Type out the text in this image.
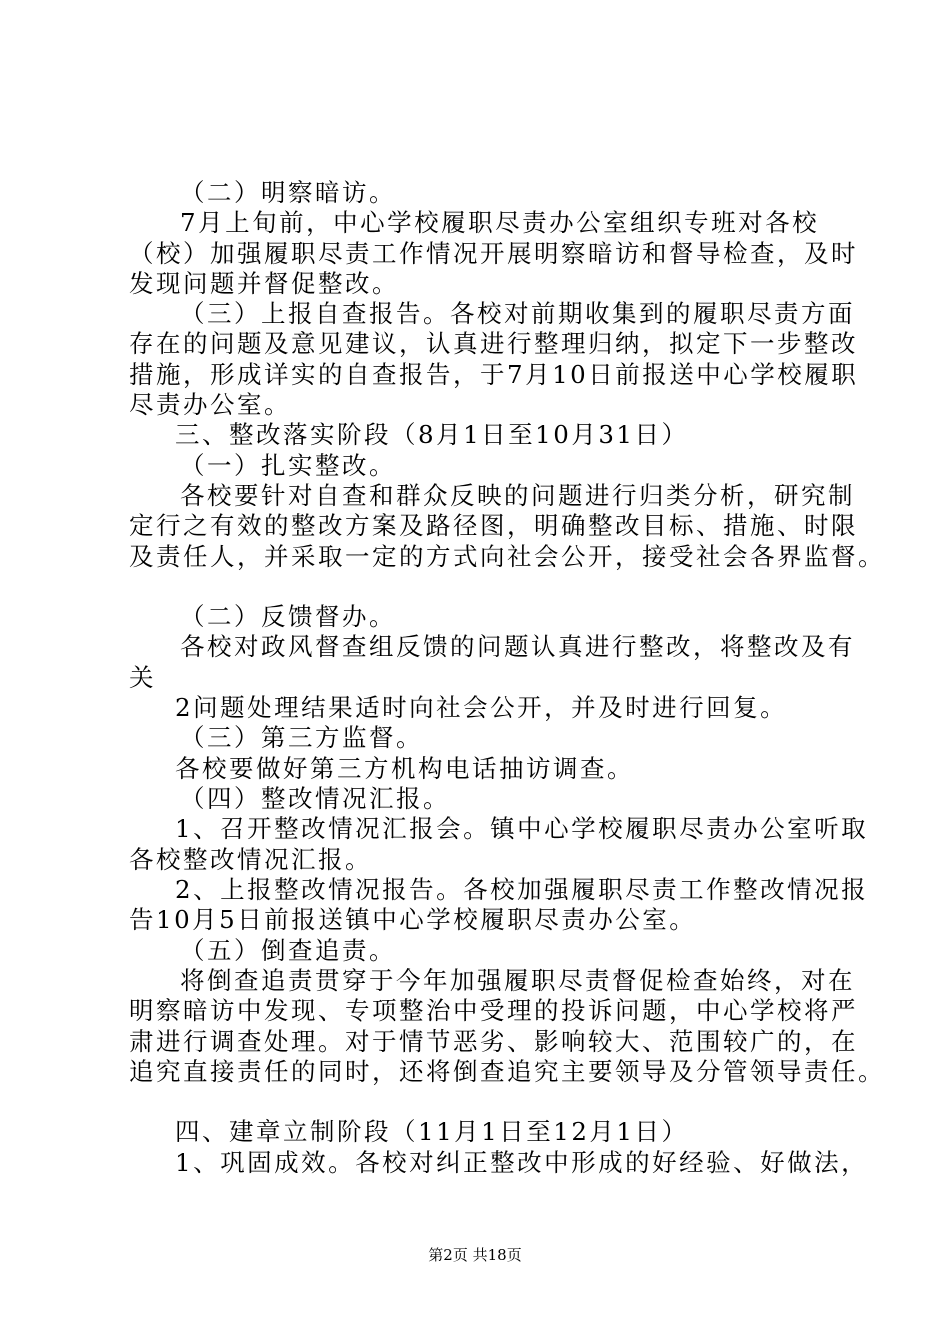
（二）明察暗访。
7月上旬前，中心学校履职尽责办公室组织专班对各校
（校）加强履职尽责工作情况开展明察暗访和督导检查，及时
发现问题并督促整改。
（三）上报自查报告。各校对前期收集到的履职尽责方面
存在的问题及意见建议，认真进行整理归纳，拟定下一步整改
措施，形成详实的自查报告，于7月10日前报送中心学校履职
尽责办公室。
三、整改落实阶段（8月1日至10月31日）
（一）扎实整改。
各校要针对自查和群众反映的问题进行归类分析，研究制
定行之有效的整改方案及路径图，明确整改目标、措施、时限
及责任人，并采取一定的方式向社会公开，接受社会各界监督。
（二）反馈督办。
各校对政风督查组反馈的问题认真进行整改，将整改及有
关
2问题处理结果适时向社会公开，并及时进行回复。
（三）第三方监督。
各校要做好第三方机构电话抽访调查。
（四）整改情况汇报。
1、召开整改情况汇报会。镇中心学校履职尽责办公室听取
各校整改情况汇报。
2、上报整改情况报告。各校加强履职尽责工作整改情况报
告10月5日前报送镇中心学校履职尽责办公室。
（五）倒查追责。
将倒查追责贯穿于今年加强履职尽责督促检查始终，对在
明察暗访中发现、专项整治中受理的投诉问题，中心学校将严
肃进行调查处理。对于情节恶劣、影响较大、范围较广的，在
追究直接责任的同时，还将倒查追究主要领导及分管领导责任。
四、建章立制阶段（11月1日至12月1日）
1、巩固成效。各校对纠正整改中形成的好经验、好做法，
第2页 共18页
